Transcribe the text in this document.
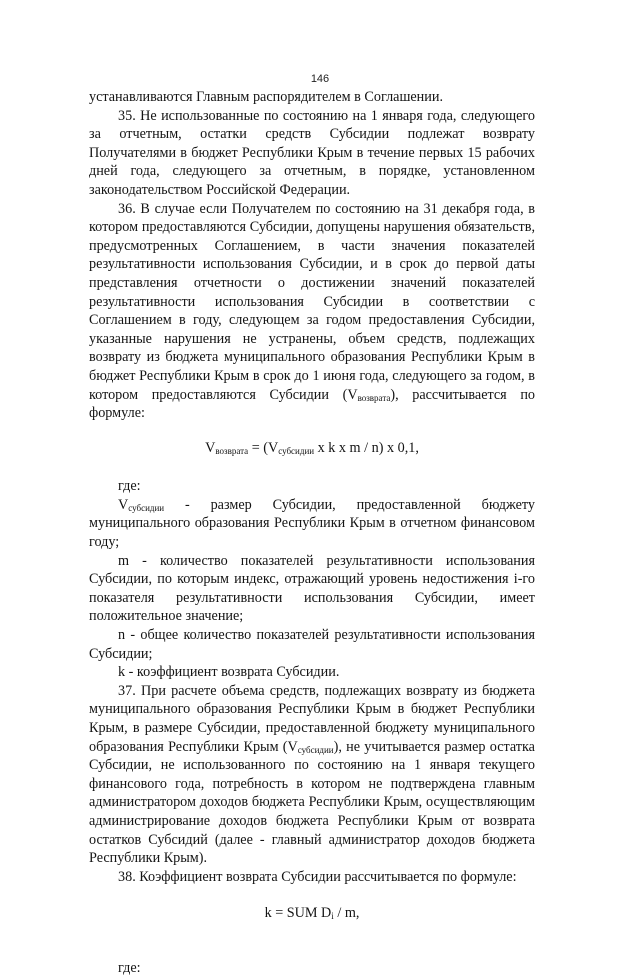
146

устанавливаются Главным распорядителем в Соглашении.

35. Не использованные по состоянию на 1 января года, следующего за отчетным, остатки средств Субсидии подлежат возврату Получателями в бюджет Республики Крым в течение первых 15 рабочих дней года, следующего за отчетным, в порядке, установленном законодательством Российской Федерации.

36. В случае если Получателем по состоянию на 31 декабря года, в котором предоставляются Субсидии, допущены нарушения обязательств, предусмотренных Соглашением, в части значения показателей результативности использования Субсидии, и в срок до первой даты представления отчетности о достижении значений показателей результативности использования Субсидии в соответствии с Соглашением в году, следующем за годом предоставления Субсидии, указанные нарушения не устранены, объем средств, подлежащих возврату из бюджета муниципального образования Республики Крым в бюджет Республики Крым в срок до 1 июня года, следующего за годом, в котором предоставляются Субсидии $(V_{возврата})$, рассчитывается по формуле:

$V_{возврата} = (V_{субсидии}$ x k x m / n) x 0,1,

где:

$V_{субсидии}$ - размер Субсидии, предоставленной бюджету муниципального образования Республики Крым в отчетном финансовом году;

m - количество показателей результативности использования Субсидии, по которым индекс, отражающий уровень недостижения i-го показателя результативности использования Субсидии, имеет положительное значение;

n - общее количество показателей результативности использования Субсидии;

k - коэффициент возврата Субсидии.

37. При расчете объема средств, подлежащих возврату из бюджета муниципального образования Республики Крым в бюджет Республики Крым, в размере Субсидии, предоставленной бюджету муниципального образования Республики Крым $(V_{субсидии})$, не учитывается размер остатка Субсидии, не использованного по состоянию на 1 января текущего финансового года, потребность в котором не подтверждена главным администратором доходов бюджета Республики Крым, осуществляющим администрирование доходов бюджета Республики Крым от возврата остатков Субсидий (далее - главный администратор доходов бюджета Республики Крым).

38. Коэффициент возврата Субсидии рассчитывается по формуле:

k = SUM $D_i$ / m,

где:
